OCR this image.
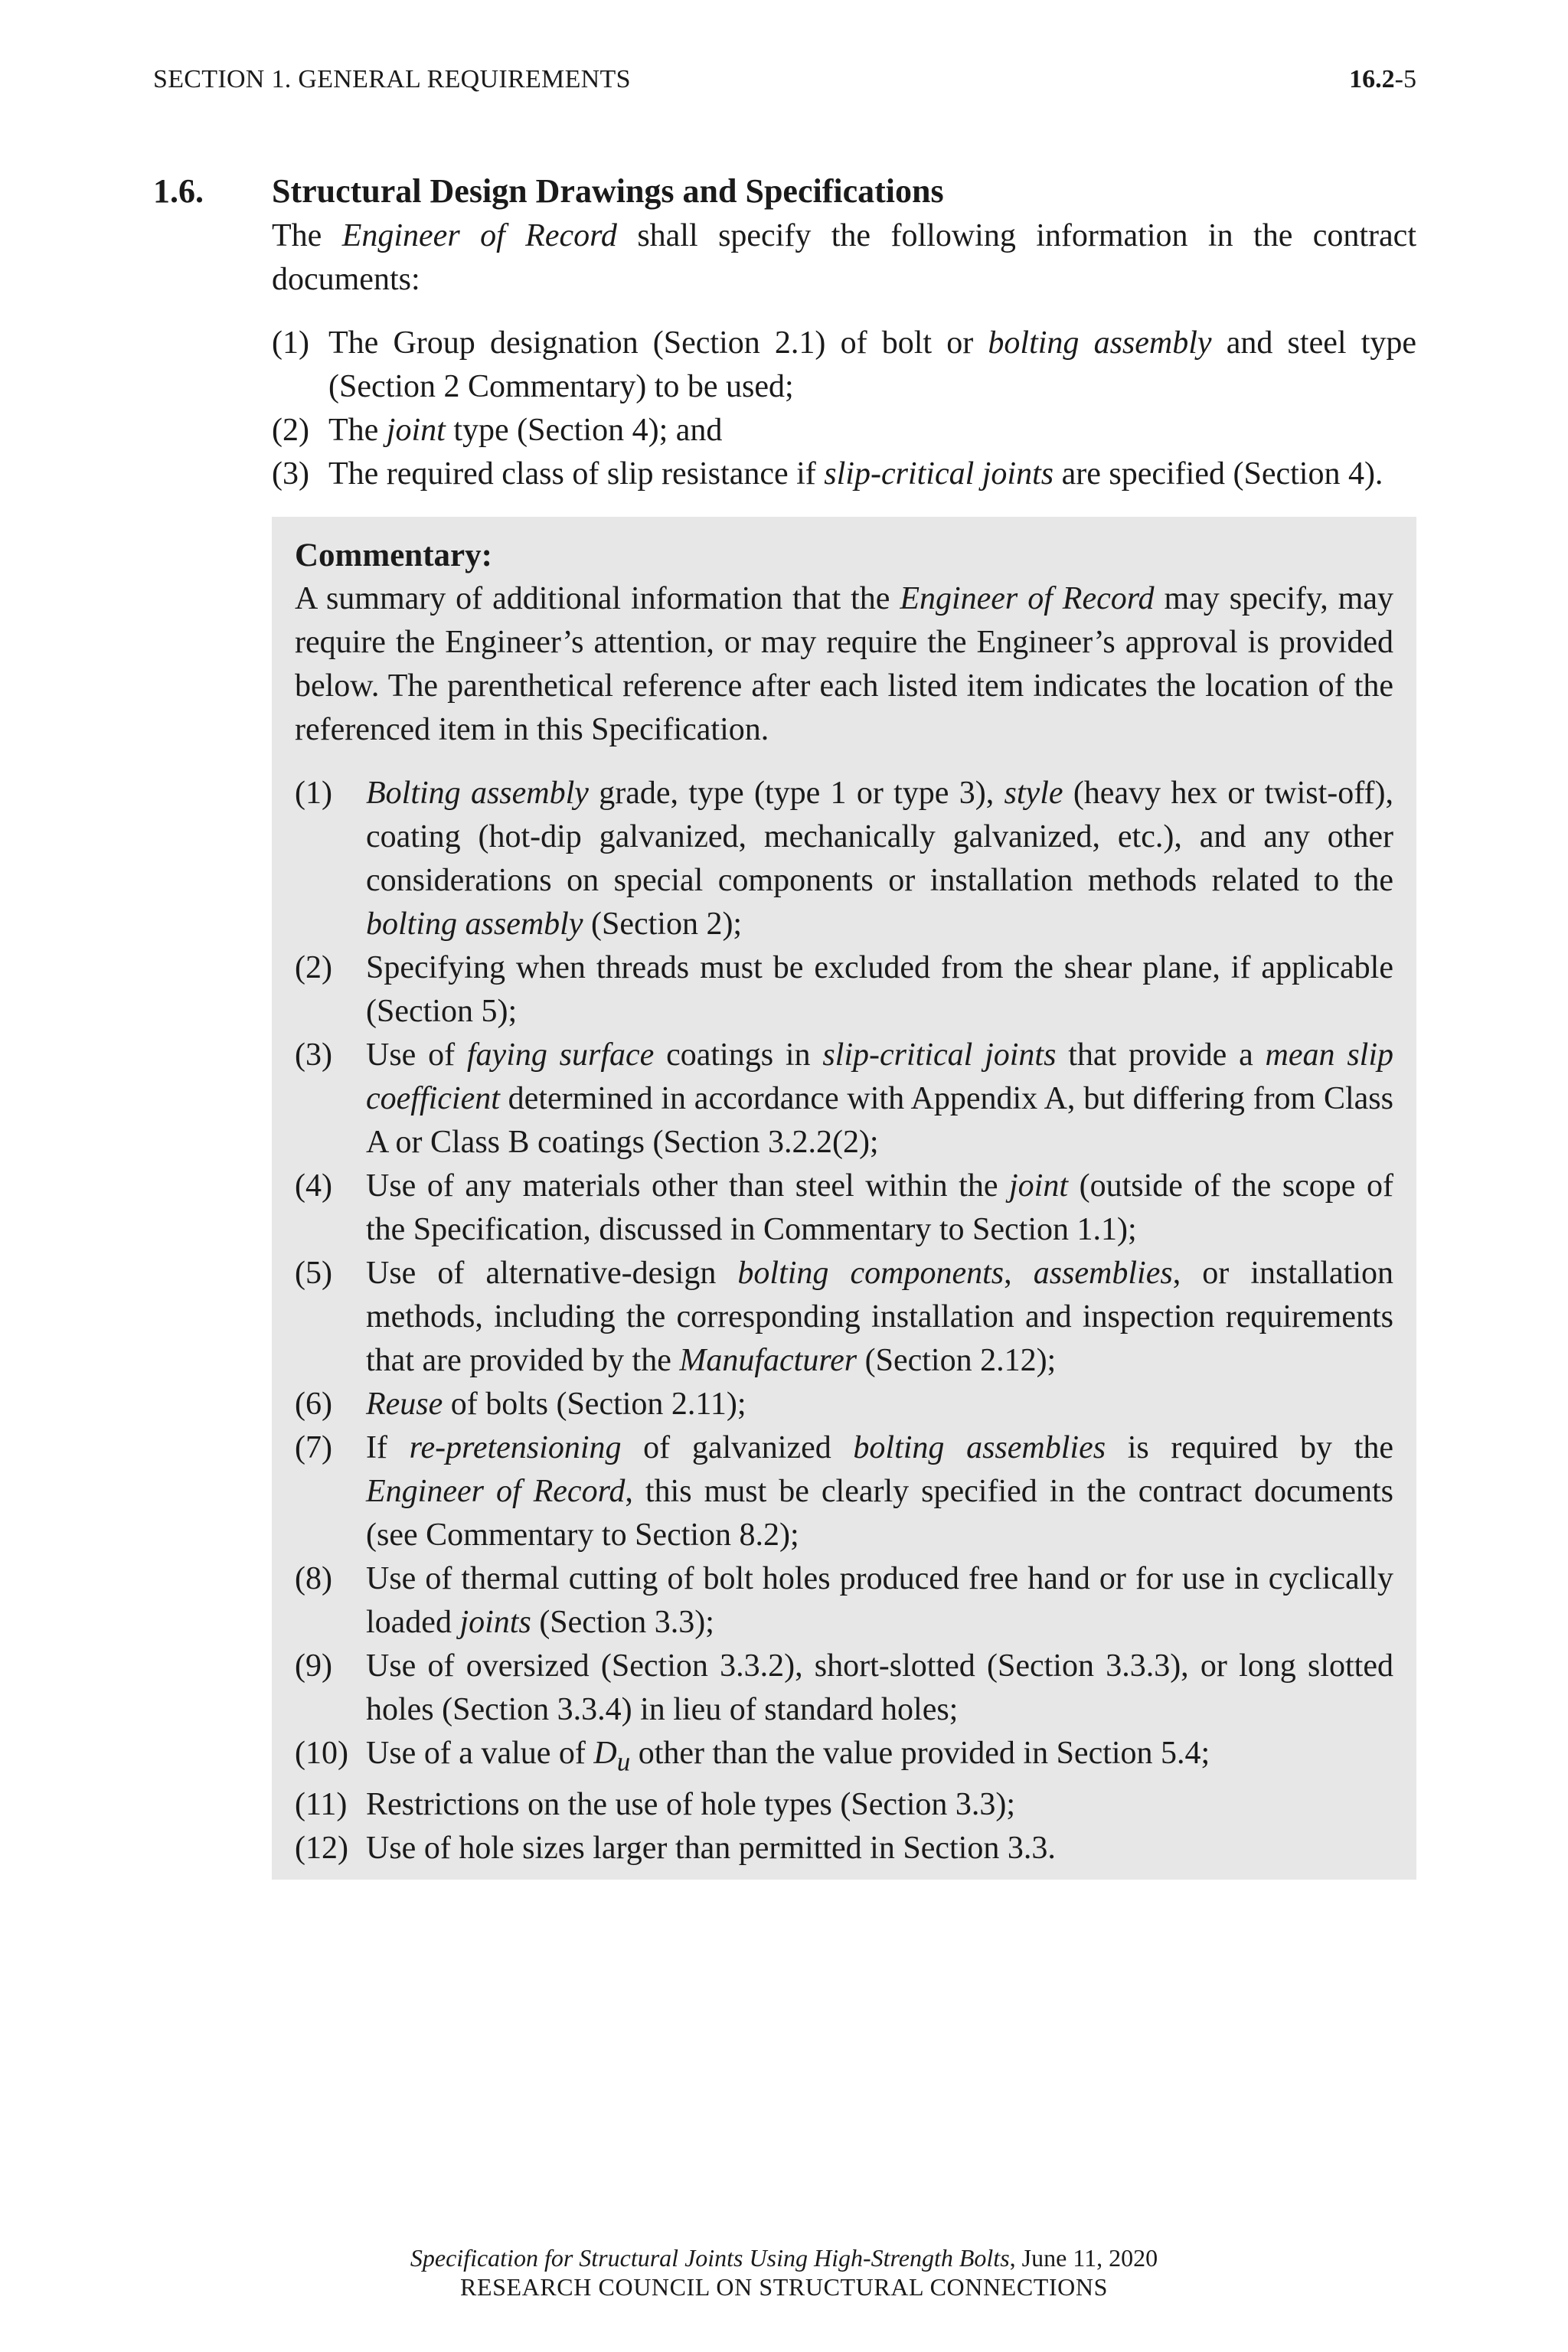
SECTION 1. GENERAL REQUIREMENTS	16.2-5
1.6. Structural Design Drawings and Specifications
The Engineer of Record shall specify the following information in the contract documents:
(1) The Group designation (Section 2.1) of bolt or bolting assembly and steel type (Section 2 Commentary) to be used;
(2) The joint type (Section 4); and
(3) The required class of slip resistance if slip-critical joints are specified (Section 4).
Commentary:

A summary of additional information that the Engineer of Record may specify, may require the Engineer’s attention, or may require the Engineer’s approval is provided below. The parenthetical reference after each listed item indicates the location of the referenced item in this Specification.

(1)	Bolting assembly grade, type (type 1 or type 3), style (heavy hex or twist-off), coating (hot-dip galvanized, mechanically galvanized, etc.), and any other considerations on special components or installation methods related to the bolting assembly (Section 2);
(2)	Specifying when threads must be excluded from the shear plane, if applicable (Section 5);
(3)	Use of faying surface coatings in slip-critical joints that provide a mean slip coefficient determined in accordance with Appendix A, but differing from Class A or Class B coatings (Section 3.2.2(2);
(4)	Use of any materials other than steel within the joint (outside of the scope of the Specification, discussed in Commentary to Section 1.1);
(5)	Use of alternative-design bolting components, assemblies, or installation methods, including the corresponding installation and inspection requirements that are provided by the Manufacturer (Section 2.12);
(6)	Reuse of bolts (Section 2.11);
(7)	If re-pretensioning of galvanized bolting assemblies is required by the Engineer of Record, this must be clearly specified in the contract documents (see Commentary to Section 8.2);
(8)	Use of thermal cutting of bolt holes produced free hand or for use in cyclically loaded joints (Section 3.3);
(9)	Use of oversized (Section 3.3.2), short-slotted (Section 3.3.3), or long slotted holes (Section 3.3.4) in lieu of standard holes;
(10) Use of a value of $D_u$ other than the value provided in Section 5.4;
(11) Restrictions on the use of hole types (Section 3.3);
(12) Use of hole sizes larger than permitted in Section 3.3.
Specification for Structural Joints Using High-Strength Bolts, June 11, 2020
RESEARCH COUNCIL ON STRUCTURAL CONNECTIONS
